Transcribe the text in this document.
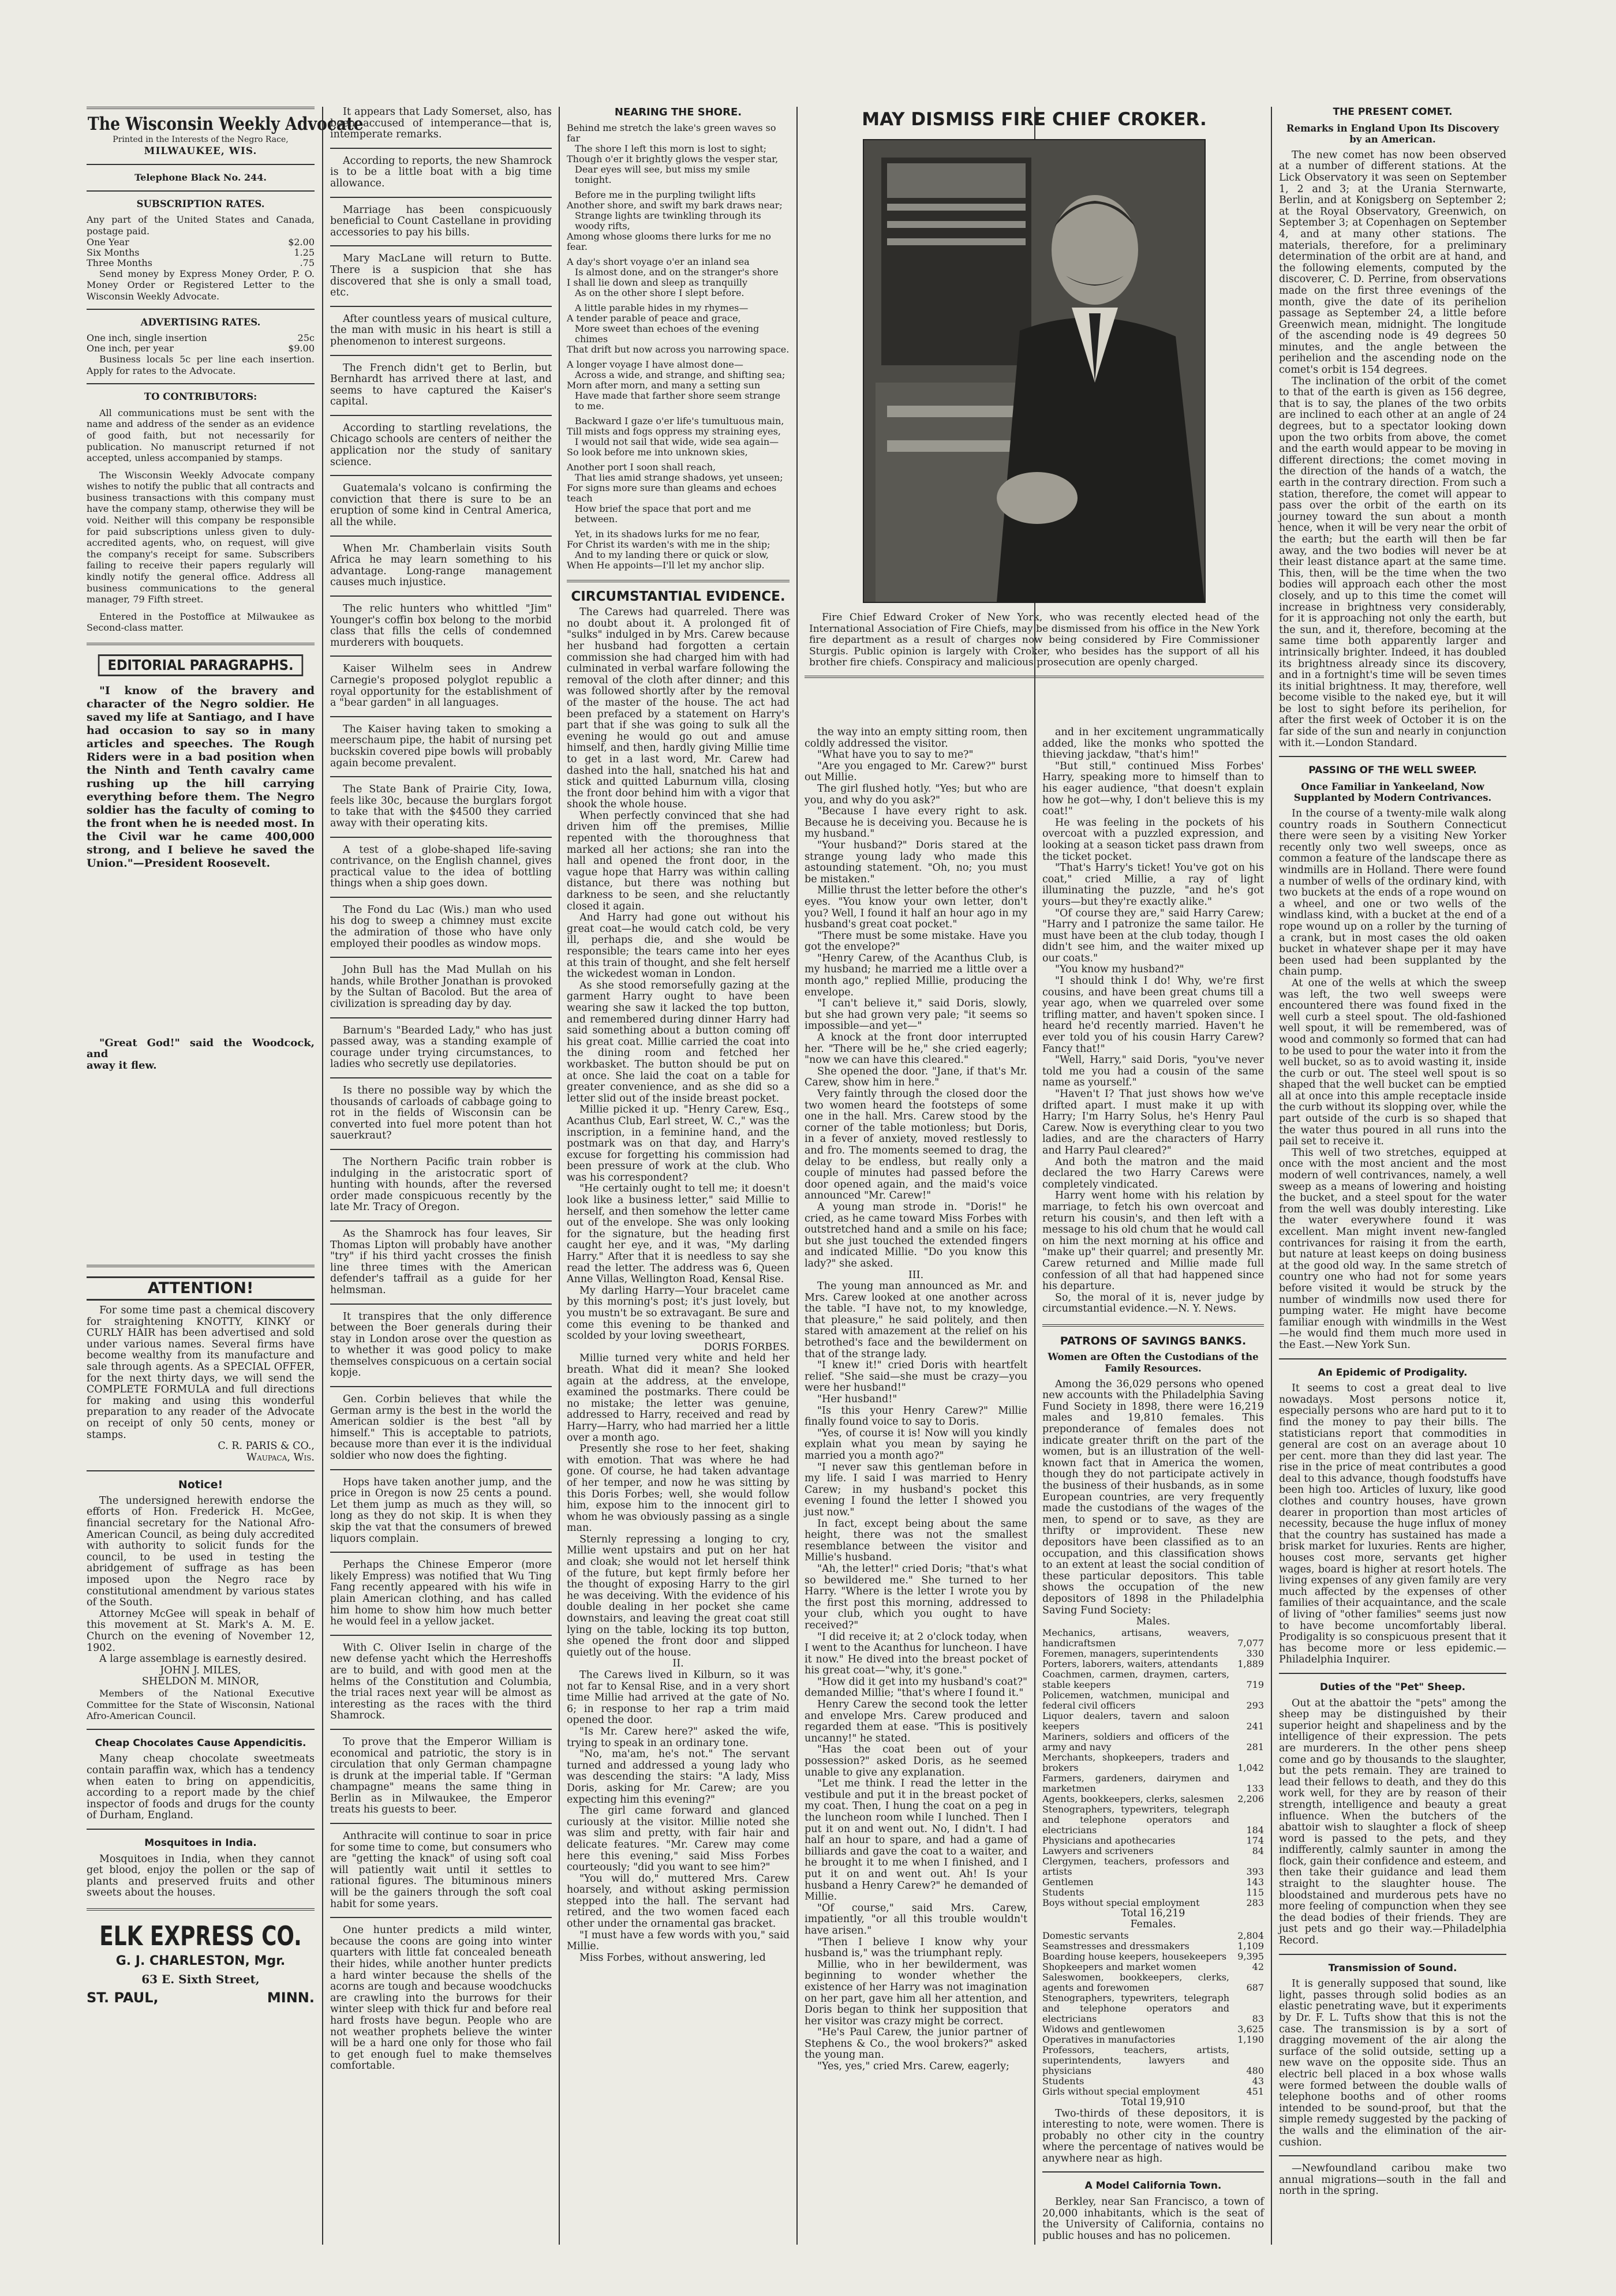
The Wisconsin Weekly Advocate
Printed in the Interests of the Negro Race,
MILWAUKEE, WIS.
Telephone Black No. 244.
SUBSCRIPTION RATES.

Any part of the United States and Canada, postage paid.

One Year	$2.00
Six Months	1.25
Three Months	.75

Send money by Express Money Order, P. O. Money Order or Registered Letter to the Wisconsin Weekly Advocate.

ADVERTISING RATES.
One inch, single insertion	25c
One inch, per year	$9.00

Business locals 5c per line each insertion. Apply for rates to the Advocate.

TO CONTRIBUTORS:

All communications must be sent with the name and address of the sender as an evidence of good faith, but not necessarily for publication. No manuscript returned if not accepted, unless accompanied by stamps.

The Wisconsin Weekly Advocate company wishes to notify the public that all contracts and business transactions with this company must have the company stamp, otherwise they will be void. Neither will this company be responsible for paid subscriptions unless given to duly-accredited agents, who, on request, will give the company's receipt for same. Subscribers failing to receive their papers regularly will kindly notify the general office. Address all business communications to the general manager, 79 Fifth street.

Entered in the Postoffice at Milwaukee as Second-class matter.

EDITORIAL PARAGRAPHS.

"I know of the bravery and character of the Negro soldier. He saved my life at Santiago, and I have had occasion to say so in many articles and speeches. The Rough Riders were in a bad position when the Ninth and Tenth cavalry came rushing up the hill carrying everything before them. The Negro soldier has the faculty of coming to the front when he is needed most. In the Civil war he came 400,000 strong, and I believe he saved the Union."—President Roosevelt.

"Great God!" said the Woodcock, and

away it flew.

ATTENTION!

For some time past a chemical discovery for straightening KNOTTY, KINKY or CURLY HAIR has been advertised and sold under various names. Several firms have become wealthy from its manufacture and sale through agents. As a SPECIAL OFFER, for the next thirty days, we will send the COMPLETE FORMULA and full directions for making and using this wonderful preparation to any reader of the Advocate on receipt of only 50 cents, money or stamps.

C. R. PARIS & CO.,

Waupaca, Wis.

Notice!

The undersigned herewith endorse the efforts of Hon. Frederick H. McGee, financial secretary for the National Afro-American Council, as being duly accredited with authority to solicit funds for the council, to be used in testing the abridgement of suffrage as has been imposed upon the Negro race by constitutional amendment by various states of the South.

Attorney McGee will speak in behalf of this movement at St. Mark's A. M. E. Church on the evening of November 12, 1902.

A large assemblage is earnestly desired.

JOHN J. MILES,

SHELDON M. MINOR,

Members of the National Executive Committee for the State of Wisconsin, National Afro-American Council.

Cheap Chocolates Cause Appendicitis.

Many cheap chocolate sweetmeats contain paraffin wax, which has a tendency when eaten to bring on appendicitis, according to a report made by the chief inspector of foods and drugs for the county of Durham, England.

Mosquitoes in India.

Mosquitoes in India, when they cannot get blood, enjoy the pollen or the sap of plants and preserved fruits and other sweets about the houses.

ELK EXPRESS CO.
G. J. CHARLESTON, Mgr.
63 E. Sixth Street,
ST. PAUL,	MINN.

It appears that Lady Somerset, also, has been accused of intemperance—that is, intemperate remarks.

According to reports, the new Shamrock is to be a little boat with a big time allowance.

Marriage has been conspicuously beneficial to Count Castellane in providing accessories to pay his bills.

Mary MacLane will return to Butte. There is a suspicion that she has discovered that she is only a small toad, etc.

After countless years of musical culture, the man with music in his heart is still a phenomenon to interest surgeons.

The French didn't get to Berlin, but Bernhardt has arrived there at last, and seems to have captured the Kaiser's capital.

According to startling revelations, the Chicago schools are centers of neither the application nor the study of sanitary science.

Guatemala's volcano is confirming the conviction that there is sure to be an eruption of some kind in Central America, all the while.

When Mr. Chamberlain visits South Africa he may learn something to his advantage. Long-range management causes much injustice.

The relic hunters who whittled "Jim" Younger's coffin box belong to the morbid class that fills the cells of condemned murderers with bouquets.

Kaiser Wilhelm sees in Andrew Carnegie's proposed polyglot republic a royal opportunity for the establishment of a "bear garden" in all languages.

The Kaiser having taken to smoking a meerschaum pipe, the habit of nursing pet buckskin covered pipe bowls will probably again become prevalent.

The State Bank of Prairie City, Iowa, feels like 30c, because the burglars forgot to take that with the $4500 they carried away with their operating kits.

A test of a globe-shaped life-saving contrivance, on the English channel, gives practical value to the idea of bottling things when a ship goes down.

The Fond du Lac (Wis.) man who used his dog to sweep a chimney must excite the admiration of those who have only employed their poodles as window mops.

John Bull has the Mad Mullah on his hands, while Brother Jonathan is provoked by the Sultan of Bacolod. But the area of civilization is spreading day by day.

Barnum's "Bearded Lady," who has just passed away, was a standing example of courage under trying circumstances, to ladies who secretly use depilatories.

Is there no possible way by which the thousands of carloads of cabbage going to rot in the fields of Wisconsin can be converted into fuel more potent than hot sauerkraut?

The Northern Pacific train robber is indulging in the aristocratic sport of hunting with hounds, after the reversed order made conspicuous recently by the late Mr. Tracy of Oregon.

As the Shamrock has four leaves, Sir Thomas Lipton will probably have another "try" if his third yacht crosses the finish line three times with the American defender's taffrail as a guide for her helmsman.

It transpires that the only difference between the Boer generals during their stay in London arose over the question as to whether it was good policy to make themselves conspicuous on a certain social kopje.

Gen. Corbin believes that while the German army is the best in the world the American soldier is the best "all by himself." This is acceptable to patriots, because more than ever it is the individual soldier who now does the fighting.

Hops have taken another jump, and the price in Oregon is now 25 cents a pound. Let them jump as much as they will, so long as they do not skip. It is when they skip the vat that the consumers of brewed liquors complain.

Perhaps the Chinese Emperor (more likely Empress) was notified that Wu Ting Fang recently appeared with his wife in plain American clothing, and has called him home to show him how much better he would feel in a yellow jacket.

With C. Oliver Iselin in charge of the new defense yacht which the Herreshoffs are to build, and with good men at the helms of the Constitution and Columbia, the trial races next year will be almost as interesting as the races with the third Shamrock.

To prove that the Emperor William is economical and patriotic, the story is in circulation that only German champagne is drunk at the imperial table. If "German champagne" means the same thing in Berlin as in Milwaukee, the Emperor treats his guests to beer.

Anthracite will continue to soar in price for some time to come, but consumers who are "getting the knack" of using soft coal will patiently wait until it settles to rational figures. The bituminous miners will be the gainers through the soft coal habit for some years.

One hunter predicts a mild winter, because the coons are going into winter quarters with little fat concealed beneath their hides, while another hunter predicts a hard winter because the shells of the acorns are tough and because woodchucks are crawling into the burrows for their winter sleep with thick fur and before real hard frosts have begun. People who are not weather prophets believe the winter will be a hard one only for those who fail to get enough fuel to make themselves comfortable.

NEARING THE SHORE.

Behind me stretch the lake's green waves so far

The shore I left this morn is lost to sight;

Though o'er it brightly glows the vesper star,

Dear eyes will see, but miss my smile tonight.

Before me in the purpling twilight lifts

Another shore, and swift my bark draws near;

Strange lights are twinkling through its woody rifts,

Among whose glooms there lurks for me no fear.

A day's short voyage o'er an inland sea

Is almost done, and on the stranger's shore

I shall lie down and sleep as tranquilly

As on the other shore I slept before.

A little parable hides in my rhymes—

A tender parable of peace and grace,

More sweet than echoes of the evening chimes

That drift but now across you narrowing space.

A longer voyage I have almost done—

Across a wide, and strange, and shifting sea;

Morn after morn, and many a setting sun

Have made that farther shore seem strange to me.

Backward I gaze o'er life's tumultuous main,

Till mists and fogs oppress my straining eyes,

I would not sail that wide, wide sea again—

So look before me into unknown skies,

Another port I soon shall reach,

That lies amid strange shadows, yet unseen;

For signs more sure than gleams and echoes teach

How brief the space that port and me between.

Yet, in its shadows lurks for me no fear,

For Christ its warden's with me in the ship;

And to my landing there or quick or slow,

When He appoints—I'll let my anchor slip.

CIRCUMSTANTIAL EVIDENCE.

The Carews had quarreled. There was no doubt about it. A prolonged fit of "sulks" indulged in by Mrs. Carew because her husband had forgotten a certain commission she had charged him with had culminated in verbal warfare following the removal of the cloth after dinner; and this was followed shortly after by the removal of the master of the house. The act had been prefaced by a statement on Harry's part that if she was going to sulk all the evening he would go out and amuse himself, and then, hardly giving Millie time to get in a last word, Mr. Carew had dashed into the hall, snatched his hat and stick and quitted Laburnum villa, closing the front door behind him with a vigor that shook the whole house.

When perfectly convinced that she had driven him off the premises, Millie repented with the thoroughness that marked all her actions; she ran into the hall and opened the front door, in the vague hope that Harry was within calling distance, but there was nothing but darkness to be seen, and she reluctantly closed it again.

And Harry had gone out without his great coat—he would catch cold, be very ill, perhaps die, and she would be responsible; the tears came into her eyes at this train of thought, and she felt herself the wickedest woman in London.

As she stood remorsefully gazing at the garment Harry ought to have been wearing she saw it lacked the top button, and remembered during dinner Harry had said something about a button coming off his great coat. Millie carried the coat into the dining room and fetched her workbasket. The button should be put on at once. She laid the coat on a table for greater convenience, and as she did so a letter slid out of the inside breast pocket.

Millie picked it up. "Henry Carew, Esq., Acanthus Club, Earl street, W. C.," was the inscription, in a feminine hand, and the postmark was on that day, and Harry's excuse for forgetting his commission had been pressure of work at the club. Who was his correspondent?

"He certainly ought to tell me; it doesn't look like a business letter," said Millie to herself, and then somehow the letter came out of the envelope. She was only looking for the signature, but the heading first caught her eye, and it was, "My darling Harry." After that it is needless to say she read the letter. The address was 6, Queen Anne Villas, Wellington Road, Kensal Rise.

My darling Harry—Your bracelet came by this morning's post; it's just lovely, but you mustn't be so extravagant. Be sure and come this evening to be thanked and scolded by your loving sweetheart,

DORIS FORBES.

Millie turned very white and held her breath. What did it mean? She looked again at the address, at the envelope, examined the postmarks. There could be no mistake; the letter was genuine, addressed to Harry, received and read by Harry—Harry, who had married her a little over a month ago.

Presently she rose to her feet, shaking with emotion. That was where he had gone. Of course, he had taken advantage of her temper, and now he was sitting by this Doris Forbes; well, she would follow him, expose him to the innocent girl to whom he was obviously passing as a single man.

Sternly repressing a longing to cry, Millie went upstairs and put on her hat and cloak; she would not let herself think of the future, but kept firmly before her the thought of exposing Harry to the girl he was deceiving. With the evidence of his double dealing in her pocket she came downstairs, and leaving the great coat still lying on the table, locking its top button, she opened the front door and slipped quietly out of the house.

II.

The Carews lived in Kilburn, so it was not far to Kensal Rise, and in a very short time Millie had arrived at the gate of No. 6; in response to her rap a trim maid opened the door.

"Is Mr. Carew here?" asked the wife, trying to speak in an ordinary tone.

"No, ma'am, he's not." The servant turned and addressed a young lady who was descending the stairs: "A lady, Miss Doris, asking for Mr. Carew; are you expecting him this evening?"

The girl came forward and glanced curiously at the visitor. Millie noted she was slim and pretty, with fair hair and delicate features. "Mr. Carew may come here this evening," said Miss Forbes courteously; "did you want to see him?"

"You will do," muttered Mrs. Carew hoarsely, and without asking permission stepped into the hall. The servant had retired, and the two women faced each other under the ornamental gas bracket.

"I must have a few words with you," said Millie.

Miss Forbes, without answering, led

MAY DISMISS FIRE CHIEF CROKER.

Fire Chief Edward Croker of New York, who was recently elected head of the International Association of Fire Chiefs, may be dismissed from his office in the New York fire department as a result of charges now being considered by Fire Commissioner Sturgis. Public opinion is largely with Croker, who besides has the support of all his brother fire chiefs. Conspiracy and malicious prosecution are openly charged.

the way into an empty sitting room, then coldly addressed the visitor.

"What have you to say to me?"

"Are you engaged to Mr. Carew?" burst out Millie.

The girl flushed hotly. "Yes; but who are you, and why do you ask?"

"Because I have every right to ask. Because he is deceiving you. Because he is my husband."

"Your husband?" Doris stared at the strange young lady who made this astounding statement. "Oh, no; you must be mistaken."

Millie thrust the letter before the other's eyes. "You know your own letter, don't you? Well, I found it half an hour ago in my husband's great coat pocket."

"There must be some mistake. Have you got the envelope?"

"Henry Carew, of the Acanthus Club, is my husband; he married me a little over a month ago," replied Millie, producing the envelope.

"I can't believe it," said Doris, slowly, but she had grown very pale; "it seems so impossible—and yet—"

A knock at the front door interrupted her. "There will be he," she cried eagerly; "now we can have this cleared."

She opened the door. "Jane, if that's Mr. Carew, show him in here."

Very faintly through the closed door the two women heard the footsteps of some one in the hall. Mrs. Carew stood by the corner of the table motionless; but Doris, in a fever of anxiety, moved restlessly to and fro. The moments seemed to drag, the delay to be endless, but really only a couple of minutes had passed before the door opened again, and the maid's voice announced "Mr. Carew!"

A young man strode in. "Doris!" he cried, as he came toward Miss Forbes with outstretched hand and a smile on his face; but she just touched the extended fingers and indicated Millie. "Do you know this lady?" she asked.

III.

The young man announced as Mr. and Mrs. Carew looked at one another across the table. "I have not, to my knowledge, that pleasure," he said politely, and then stared with amazement at the relief on his betrothed's face and the bewilderment on that of the strange lady.

"I knew it!" cried Doris with heartfelt relief. "She said—she must be crazy—you were her husband!"

"Her husband!"

"Is this your Henry Carew?" Millie finally found voice to say to Doris.

"Yes, of course it is! Now will you kindly explain what you mean by saying he married you a month ago?"

"I never saw this gentleman before in my life. I said I was married to Henry Carew; in my husband's pocket this evening I found the letter I showed you just now."

In fact, except being about the same height, there was not the smallest resemblance between the visitor and Millie's husband.

"Ah, the letter!" cried Doris; "that's what so bewildered me." She turned to her Harry. "Where is the letter I wrote you by the first post this morning, addressed to your club, which you ought to have received?"

"I did receive it; at 2 o'clock today, when I went to the Acanthus for luncheon. I have it now." He dived into the breast pocket of his great coat—"why, it's gone."

"How did it get into my husband's coat?" demanded Millie; "that's where I found it."

Henry Carew the second took the letter and envelope Mrs. Carew produced and regarded them at ease. "This is positively uncanny!" he stated.

"Has the coat been out of your possession?" asked Doris, as he seemed unable to give any explanation.

"Let me think. I read the letter in the vestibule and put it in the breast pocket of my coat. Then, I hung the coat on a peg in the luncheon room while I lunched. Then I put it on and went out. No, I didn't. I had half an hour to spare, and had a game of billiards and gave the coat to a waiter, and he brought it to me when I finished, and I put it on and went out. Ah! Is your husband a Henry Carew?" he demanded of Millie.

"Of course," said Mrs. Carew, impatiently, "or all this trouble wouldn't have arisen."

"Then I believe I know why your husband is," was the triumphant reply.

Millie, who in her bewilderment, was beginning to wonder whether the existence of her Harry was not imagination on her part, gave him all her attention, and Doris began to think her supposition that her visitor was crazy might be correct.

"He's Paul Carew, the junior partner of Stephens & Co., the wool brokers?" asked the young man.

"Yes, yes," cried Mrs. Carew, eagerly;

and in her excitement ungrammatically added, like the monks who spotted the thieving jackdaw, "that's him!"

"But still," continued Miss Forbes' Harry, speaking more to himself than to his eager audience, "that doesn't explain how he got—why, I don't believe this is my coat!"

He was feeling in the pockets of his overcoat with a puzzled expression, and looking at a season ticket pass drawn from the ticket pocket.

"That's Harry's ticket! You've got on his coat," cried Millie, a ray of light illuminating the puzzle, "and he's got yours—but they're exactly alike."

"Of course they are," said Harry Carew; "Harry and I patronize the same tailor. He must have been at the club today, though I didn't see him, and the waiter mixed up our coats."

"You know my husband?"

"I should think I do! Why, we're first cousins, and have been great chums till a year ago, when we quarreled over some trifling matter, and haven't spoken since. I heard he'd recently married. Haven't he ever told you of his cousin Harry Carew? Fancy that!"

"Well, Harry," said Doris, "you've never told me you had a cousin of the same name as yourself."

"Haven't I? That just shows how we've drifted apart. I must make it up with Harry; I'm Harry Solus, he's Henry Paul Carew. Now is everything clear to you two ladies, and are the characters of Harry and Harry Paul cleared?"

And both the matron and the maid declared the two Harry Carews were completely vindicated.

Harry went home with his relation by marriage, to fetch his own overcoat and return his cousin's, and then left with a message to his old chum that he would call on him the next morning at his office and "make up" their quarrel; and presently Mr. Carew returned and Millie made full confession of all that had happened since his departure.

So, the moral of it is, never judge by circumstantial evidence.—N. Y. News.

PATRONS OF SAVINGS BANKS.
Women are Often the Custodians of the Family Resources.

Among the 36,029 persons who opened new accounts with the Philadelphia Saving Fund Society in 1898, there were 16,219 males and 19,810 females. This preponderance of females does not indicate greater thrift on the part of the women, but is an illustration of the well-known fact that in America the women, though they do not participate actively in the business of their husbands, as in some European countries, are very frequently made the custodians of the wages of the men, to spend or to save, as they are thrifty or improvident. These new depositors have been classified as to an occupation, and this classification shows to an extent at least the social condition of these particular depositors. This table shows the occupation of the new depositors of 1898 in the Philadelphia Saving Fund Society:

Males.

Mechanics, artisans, weavers, handicraftsmen	7,077
Foremen, managers, superintendents	330
Porters, laborers, waiters, attendants	1,889
Coachmen, carmen, draymen, carters, stable keepers	719
Policemen, watchmen, municipal and federal civil officers	293
Liquor dealers, tavern and saloon keepers	241
Mariners, soldiers and officers of the army and navy	281
Merchants, shopkeepers, traders and brokers	1,042
Farmers, gardeners, dairymen and marketmen	133
Agents, bookkeepers, clerks, salesmen	2,206
Stenographers, typewriters, telegraph and telephone operators and electricians	184
Physicians and apothecaries	174
Lawyers and scriveners	84
Clergymen, teachers, professors and artists	393
Gentlemen	143
Students	115
Boys without special employment	283

Total 16,219

Females.

Domestic servants	2,804
Seamstresses and dressmakers	1,109
Boarding house keepers, housekeepers	9,395
Shopkeepers and market women	42
Saleswomen, bookkeepers, clerks, agents and forewomen	687
Stenographers, typewriters, telegraph and telephone operators and electricians	83
Widows and gentlewomen	3,625
Operatives in manufactories	1,190
Professors, teachers, artists, superintendents, lawyers and physicians	480
Students	43
Girls without special employment	451

Total 19,910

Two-thirds of these depositors, it is interesting to note, were women. There is probably no other city in the country where the percentage of natives would be anywhere near as high.

A Model California Town.

Berkley, near San Francisco, a town of 20,000 inhabitants, which is the seat of the University of California, contains no public houses and has no policemen.

THE PRESENT COMET.
Remarks in England Upon Its Discovery by an American.

The new comet has now been observed at a number of different stations. At the Lick Observatory it was seen on September 1, 2 and 3; at the Urania Sternwarte, Berlin, and at Konigsberg on September 2; at the Royal Observatory, Greenwich, on September 3; at Copenhagen on September 4, and at many other stations. The materials, therefore, for a preliminary determination of the orbit are at hand, and the following elements, computed by the discoverer, C. D. Perrine, from observations made on the first three evenings of the month, give the date of its perihelion passage as September 24, a little before Greenwich mean, midnight. The longitude of the ascending node is 49 degrees 50 minutes, and the angle between the perihelion and the ascending node on the comet's orbit is 154 degrees.

The inclination of the orbit of the comet to that of the earth is given as 156 degree, that is to say, the planes of the two orbits are inclined to each other at an angle of 24 degrees, but to a spectator looking down upon the two orbits from above, the comet and the earth would appear to be moving in different directions; the comet moving in the direction of the hands of a watch, the earth in the contrary direction. From such a station, therefore, the comet will appear to pass over the orbit of the earth on its journey toward the sun about a month hence, when it will be very near the orbit of the earth; but the earth will then be far away, and the two bodies will never be at their least distance apart at the same time. This, then, will be the time when the two bodies will approach each other the most closely, and up to this time the comet will increase in brightness very considerably, for it is approaching not only the earth, but the sun, and it, therefore, becoming at the same time both apparently larger and intrinsically brighter. Indeed, it has doubled its brightness already since its discovery, and in a fortnight's time will be seven times its initial brightness. It may, therefore, well become visible to the naked eye, but it will be lost to sight before its perihelion, for after the first week of October it is on the far side of the sun and nearly in conjunction with it.—London Standard.

PASSING OF THE WELL SWEEP.
Once Familiar in Yankeeland, Now Supplanted by Modern Contrivances.

In the course of a twenty-mile walk along country roads in Southern Connecticut there were seen by a visiting New Yorker recently only two well sweeps, once as common a feature of the landscape there as windmills are in Holland. There were found a number of wells of the ordinary kind, with two buckets at the ends of a rope wound on a wheel, and one or two wells of the windlass kind, with a bucket at the end of a rope wound up on a roller by the turning of a crank, but in most cases the old oaken bucket in whatever shape per it may have been used had been supplanted by the chain pump.

At one of the wells at which the sweep was left, the two well sweeps were encountered there was found fixed in the well curb a steel spout. The old-fashioned well spout, it will be remembered, was of wood and commonly so formed that can had to be used to pour the water into it from the well bucket, so as to avoid wasting it, inside the curb or out. The steel well spout is so shaped that the well bucket can be emptied all at once into this ample receptacle inside the curb without its slopping over, while the part outside of the curb is so shaped that the water thus poured in all runs into the pail set to receive it.

This well of two stretches, equipped at once with the most ancient and the most modern of well contrivances, namely, a well sweep as a means of lowering and hoisting the bucket, and a steel spout for the water from the well was doubly interesting. Like the water everywhere found it was excellent. Man might invent new-fangled contrivances for raising it from the earth, but nature at least keeps on doing business at the good old way. In the same stretch of country one who had not for some years before visited it would be struck by the number of windmills now used there for pumping water. He might have become familiar enough with windmills in the West—he would find them much more used in the East.—New York Sun.

An Epidemic of Prodigality.

It seems to cost a great deal to live nowadays. Most persons notice it, especially persons who are hard put to it to find the money to pay their bills. The statisticians report that commodities in general are cost on an average about 10 per cent. more than they did last year. The rise in the price of meat contributes a good deal to this advance, though foodstuffs have been high too. Articles of luxury, like good clothes and country houses, have grown dearer in proportion than most articles of necessity, because the huge influx of money that the country has sustained has made a brisk market for luxuries. Rents are higher, houses cost more, servants get higher wages, board is higher at resort hotels. The living expenses of any given family are very much affected by the expenses of other families of their acquaintance, and the scale of living of "other families" seems just now to have become uncomfortably liberal. Prodigality is so conspicuous present that it has become more or less epidemic.—Philadelphia Inquirer.

Duties of the "Pet" Sheep.

Out at the abattoir the "pets" among the sheep may be distinguished by their superior height and shapeliness and by the intelligence of their expression. The pets are murderers. In the other pens sheep come and go by thousands to the slaughter, but the pets remain. They are trained to lead their fellows to death, and they do this work well, for they are by reason of their strength, intelligence and beauty a great influence. When the butchers of the abattoir wish to slaughter a flock of sheep word is passed to the pets, and they indifferently, calmly saunter in among the flock, gain their confidence and esteem, and then take their guidance and lead them straight to the slaughter house. The bloodstained and murderous pets have no more feeling of compunction when they see the dead bodies of their friends. They are just pets and go their way.—Philadelphia Record.

Transmission of Sound.

It is generally supposed that sound, like light, passes through solid bodies as an elastic penetrating wave, but it experiments by Dr. F. L. Tufts show that this is not the case. The transmission is by a sort of dragging movement of the air along the surface of the solid outside, setting up a new wave on the opposite side. Thus an electric bell placed in a box whose walls were formed between the double walls of telephone booths and of other rooms intended to be sound-proof, but that the simple remedy suggested by the packing of the walls and the elimination of the air-cushion.

—Newfoundland caribou make two annual migrations—south in the fall and north in the spring.
